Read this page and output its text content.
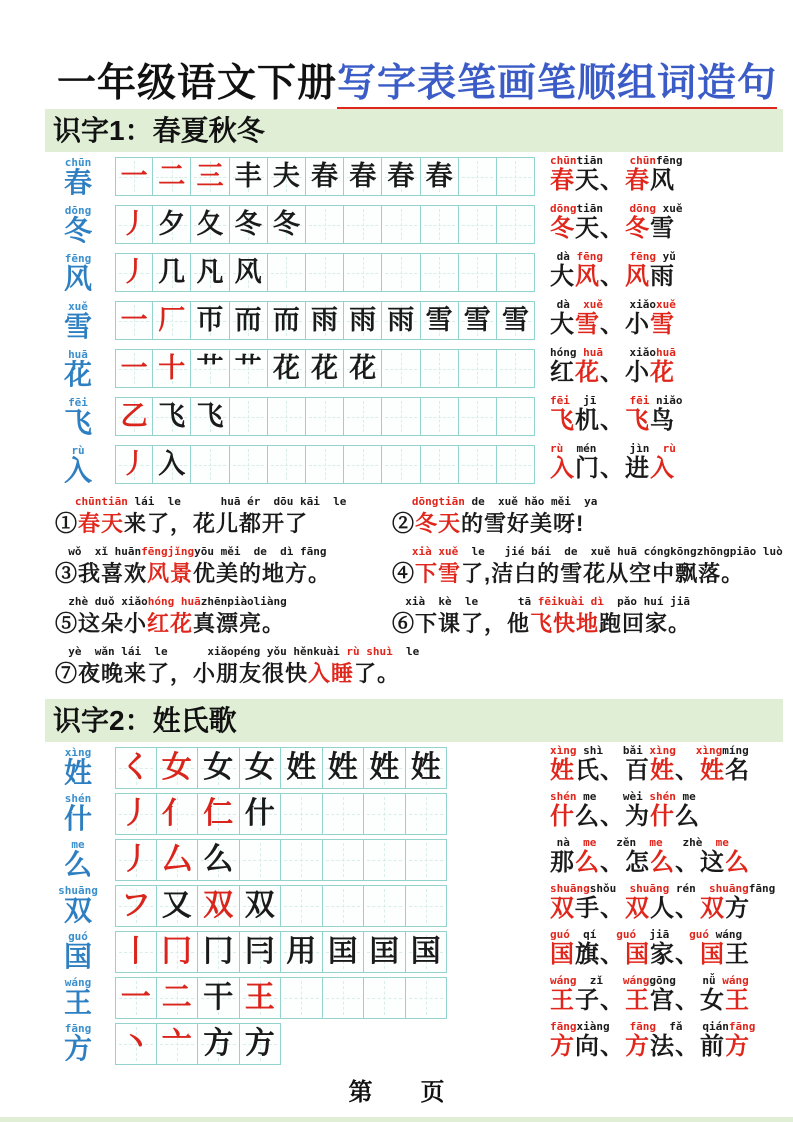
一年级语文下册写字表笔画笔顺组词造句
识字1：春夏秋冬
chūn
春	一 二 三 丰 夫 春 春 春 春
chūntiān chūnfēng
春天、春风
dōng
冬	丿 夕 夂 冬 冬
dōngtiān dōng xuě
冬天、冬雪
fēng
风	丿 几 凡 风
dà fēng fēng yǔ
大风、风雨
xuě
雪	一 厂 帀 而 而 雨 雨 雨 雪 雪 雪
dà  xuě xiǎoxuě
大雪、小雪
huā
花	一 十 艹 艹 花 花 花
hóng huā xiǎohuā
红花、小花
fēi
飞	乙 飞 飞
fēi  jī	fēi niǎo
飞机、飞鸟
rù
入	丿 入
rù  mén	jìn  rù
入门、进入
chūntiān lái  le      huā ér  dōu kāi  le
①春天来了，花儿都开了
dōngtiān de  xuě hǎo měi  ya
②冬天的雪好美呀!
wǒ  xǐ huānfēngjǐngyōu měi  de  dì fāng
③我喜欢风景优美的地方。
xià xuě  le   jié bái  de  xuě huā cóngkōngzhōngpiāo luò
④下雪了,洁白的雪花从空中飘落。
zhè duǒ xiǎohóng huāzhēnpiàoliàng
⑤这朵小红花真漂亮。
xià  kè  le      tā fēikuài dì  pǎo huí jiā
⑥下课了，他飞快地跑回家。
yè  wǎn lái  le      xiǎopéng yǒu hěnkuài rù shuì  le
⑦夜晚来了，小朋友很快入睡了。
识字2：姓氏歌
xìng
姓 く 女 女 女 姓 姓 姓 姓
xìng shì bǎi xìng xìngmíng
姓氏、百姓、姓名
shén
什 丿 亻 仁 什
shén me wèi shén me
什么、为什么
me
么 丿 厶 么
nà  me zěn  me zhè  me
那么、怎么、这么
shuāng
双 フ 又 双 双
shuāngshǒu shuāng rén shuāngfāng
双手、双人、双方
guó
国 丨 冂 冂 冃 用 囯 囯 国
guó  qí guó  jiā guó wáng
国旗、国家、国王
wáng
王 一 二 干 王
wáng  zǐ wánggōng nǚ wáng
王子、王宫、女王
fāng
方 丶 亠 方 方
fāngxiàng fāng  fǎ qiánfāng
方向、方法、前方
第　　页
